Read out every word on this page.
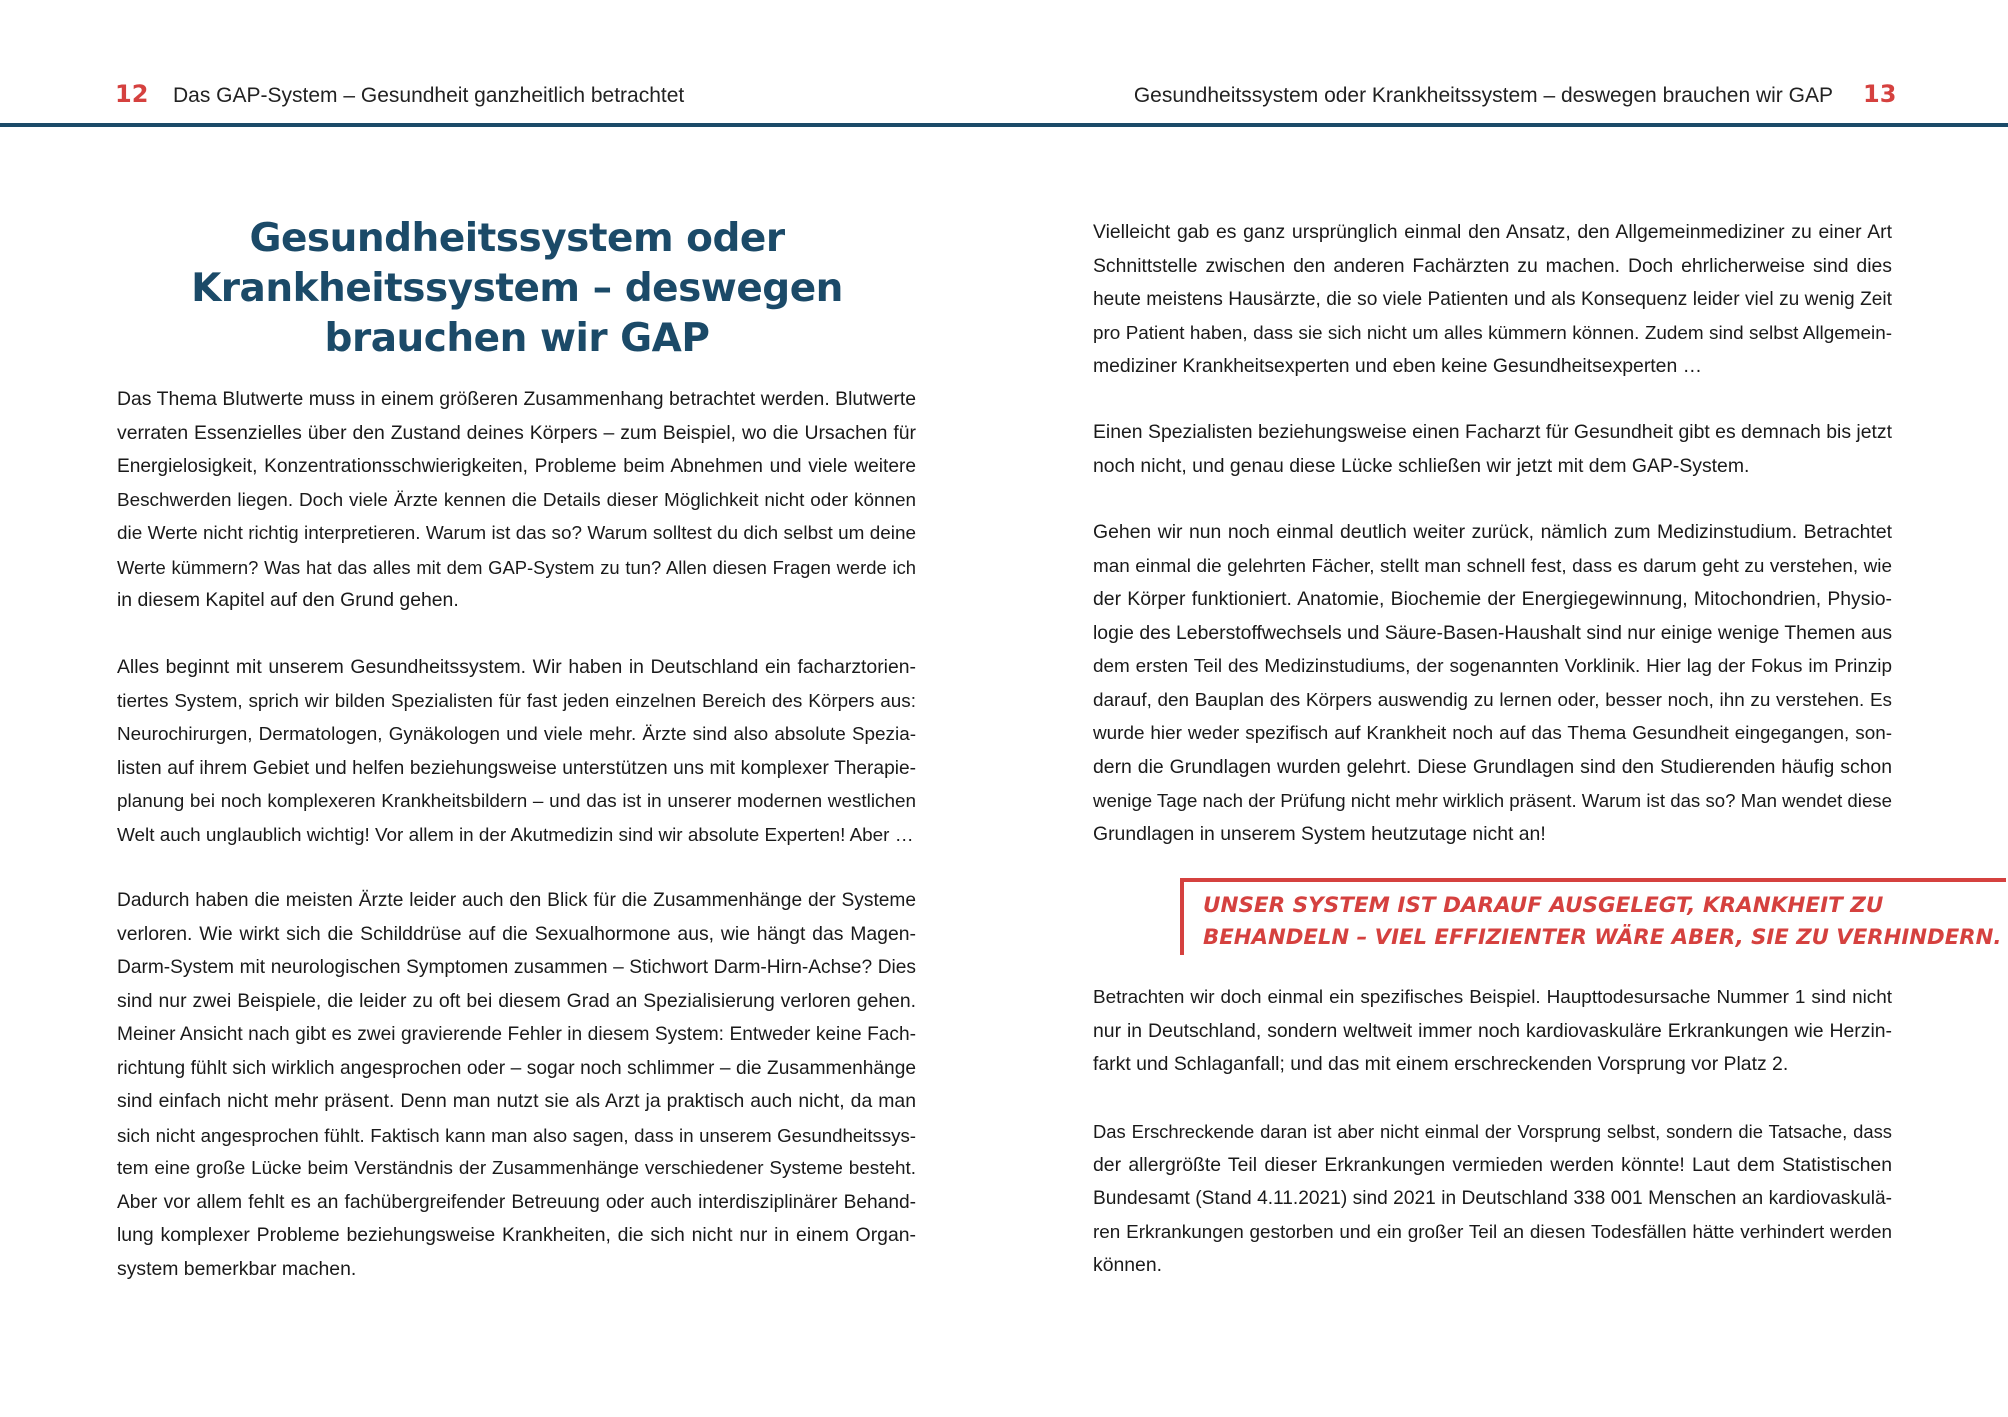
12 Das GAP-System – Gesundheit ganzheitlich betrachtet	Gesundheitssystem oder Krankheitssystem – deswegen brauchen wir GAP 13
Gesundheitssystem oder
Krankheitssystem – deswegen
brauchen wir GAP

Das Thema Blutwerte muss in einem größeren Zusammenhang betrachtet werden. Blutwerte
verraten Essenzielles über den Zustand deines Körpers – zum Beispiel, wo die Ursachen für
Energielosigkeit, Konzentrationsschwierigkeiten, Probleme beim Abnehmen und viele weitere
Beschwerden liegen. Doch viele Ärzte kennen die Details dieser Möglichkeit nicht oder können
die Werte nicht richtig interpretieren. Warum ist das so? Warum solltest du dich selbst um deine
Werte kümmern? Was hat das alles mit dem GAP-System zu tun? Allen diesen Fragen werde ich
in diesem Kapitel auf den Grund gehen.

Alles beginnt mit unserem Gesundheitssystem. Wir haben in Deutschland ein facharztorien-
tiertes System, sprich wir bilden Spezialisten für fast jeden einzelnen Bereich des Körpers aus:
Neurochirurgen, Dermatologen, Gynäkologen und viele mehr. Ärzte sind also absolute Spezia-
listen auf ihrem Gebiet und helfen beziehungsweise unterstützen uns mit komplexer Therapie-
planung bei noch komplexeren Krankheitsbildern – und das ist in unserer modernen westlichen
Welt auch unglaublich wichtig! Vor allem in der Akutmedizin sind wir absolute Experten! Aber …

Dadurch haben die meisten Ärzte leider auch den Blick für die Zusammenhänge der Systeme
verloren. Wie wirkt sich die Schilddrüse auf die Sexualhormone aus, wie hängt das Magen-
Darm-System mit neurologischen Symptomen zusammen – Stichwort Darm-Hirn-Achse? Dies
sind nur zwei Beispiele, die leider zu oft bei diesem Grad an Spezialisierung verloren gehen.
Meiner Ansicht nach gibt es zwei gravierende Fehler in diesem System: Entweder keine Fach-
richtung fühlt sich wirklich angesprochen oder – sogar noch schlimmer – die Zusammenhänge
sind einfach nicht mehr präsent. Denn man nutzt sie als Arzt ja praktisch auch nicht, da man
sich nicht angesprochen fühlt. Faktisch kann man also sagen, dass in unserem Gesundheitssys-
tem eine große Lücke beim Verständnis der Zusammenhänge verschiedener Systeme besteht.
Aber vor allem fehlt es an fachübergreifender Betreuung oder auch interdisziplinärer Behand-
lung komplexer Probleme beziehungsweise Krankheiten, die sich nicht nur in einem Organ-
system bemerkbar machen.

Vielleicht gab es ganz ursprünglich einmal den Ansatz, den Allgemeinmediziner zu einer Art
Schnittstelle zwischen den anderen Fachärzten zu machen. Doch ehrlicherweise sind dies
heute meistens Hausärzte, die so viele Patienten und als Konsequenz leider viel zu wenig Zeit
pro Patient haben, dass sie sich nicht um alles kümmern können. Zudem sind selbst Allgemein-
mediziner Krankheitsexperten und eben keine Gesundheitsexperten …

Einen Spezialisten beziehungsweise einen Facharzt für Gesundheit gibt es demnach bis jetzt
noch nicht, und genau diese Lücke schließen wir jetzt mit dem GAP-System.

Gehen wir nun noch einmal deutlich weiter zurück, nämlich zum Medizinstudium. Betrachtet
man einmal die gelehrten Fächer, stellt man schnell fest, dass es darum geht zu verstehen, wie
der Körper funktioniert. Anatomie, Biochemie der Energiegewinnung, Mitochondrien, Physio-
logie des Leberstoffwechsels und Säure-Basen-Haushalt sind nur einige wenige Themen aus
dem ersten Teil des Medizinstudiums, der sogenannten Vorklinik. Hier lag der Fokus im Prinzip
darauf, den Bauplan des Körpers auswendig zu lernen oder, besser noch, ihn zu verstehen. Es
wurde hier weder spezifisch auf Krankheit noch auf das Thema Gesundheit eingegangen, son-
dern die Grundlagen wurden gelehrt. Diese Grundlagen sind den Studierenden häufig schon
wenige Tage nach der Prüfung nicht mehr wirklich präsent. Warum ist das so? Man wendet diese
Grundlagen in unserem System heutzutage nicht an!

UNSER SYSTEM IST DARAUF AUSGELEGT, KRANKHEIT ZU
BEHANDELN – VIEL EFFIZIENTER WÄRE ABER, SIE ZU VERHINDERN.

Betrachten wir doch einmal ein spezifisches Beispiel. Haupttodesursache Nummer 1 sind nicht
nur in Deutschland, sondern weltweit immer noch kardiovaskuläre Erkrankungen wie Herzin-
farkt und Schlaganfall; und das mit einem erschreckenden Vorsprung vor Platz 2.

Das Erschreckende daran ist aber nicht einmal der Vorsprung selbst, sondern die Tatsache, dass
der allergrößte Teil dieser Erkrankungen vermieden werden könnte! Laut dem Statistischen
Bundesamt (Stand 4.11.2021) sind 2021 in Deutschland 338 001 Menschen an kardiovaskulä-
ren Erkrankungen gestorben und ein großer Teil an diesen Todesfällen hätte verhindert werden
können.
